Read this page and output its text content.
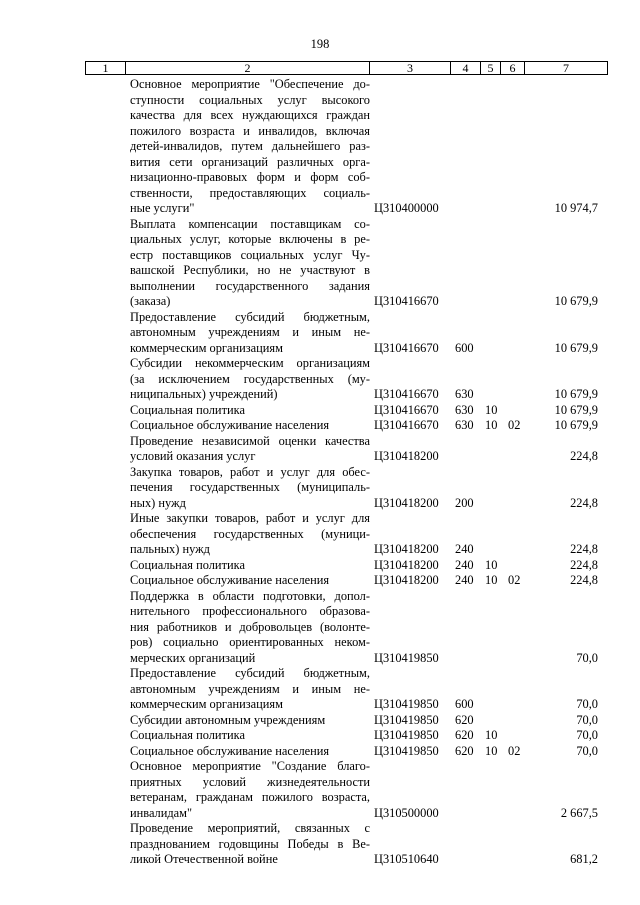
198
1	2	3	4	5	6	7
Основное мероприятие "Обеспечение до-
ступности социальных услуг высокого
качества для всех нуждающихся граждан
пожилого возраста и инвалидов, включая
детей-инвалидов, путем дальнейшего раз-
вития сети организаций различных орга-
низационно-правовых форм и форм соб-
ственности, предоставляющих социаль-
ные услуги"	Ц310400000	10 974,7
Выплата компенсации поставщикам со-
циальных услуг, которые включены в ре-
естр поставщиков социальных услуг Чу-
вашской Республики, но не участвуют в
выполнении государственного задания
(заказа)	Ц310416670	10 679,9
Предоставление субсидий бюджетным,
автономным учреждениям и иным не-
коммерческим организациям	Ц310416670 600	10 679,9
Субсидии некоммерческим организациям
(за исключением государственных (му-
ниципальных) учреждений)	Ц310416670 630	10 679,9
Социальная политика	Ц310416670 630 10	10 679,9
Социальное обслуживание населения	Ц310416670 630 10 02	10 679,9
Проведение независимой оценки качества
условий оказания услуг	Ц310418200	224,8
Закупка товаров, работ и услуг для обес-
печения государственных (муниципаль-
ных) нужд	Ц310418200 200	224,8
Иные закупки товаров, работ и услуг для
обеспечения государственных (муници-
пальных) нужд	Ц310418200 240	224,8
Социальная политика	Ц310418200 240 10	224,8
Социальное обслуживание населения	Ц310418200 240 10 02	224,8
Поддержка в области подготовки, допол-
нительного профессионального образова-
ния работников и добровольцев (волонте-
ров) социально ориентированных неком-
мерческих организаций	Ц310419850	70,0
Предоставление субсидий бюджетным,
автономным учреждениям и иным не-
коммерческим организациям	Ц310419850 600	70,0
Субсидии автономным учреждениям	Ц310419850 620	70,0
Социальная политика	Ц310419850 620 10	70,0
Социальное обслуживание населения	Ц310419850 620 10 02	70,0
Основное мероприятие "Создание благо-
приятных условий жизнедеятельности
ветеранам, гражданам пожилого возраста,
инвалидам"	Ц310500000	2 667,5
Проведение мероприятий, связанных с
празднованием годовщины Победы в Ве-
ликой Отечественной войне	Ц310510640	681,2
